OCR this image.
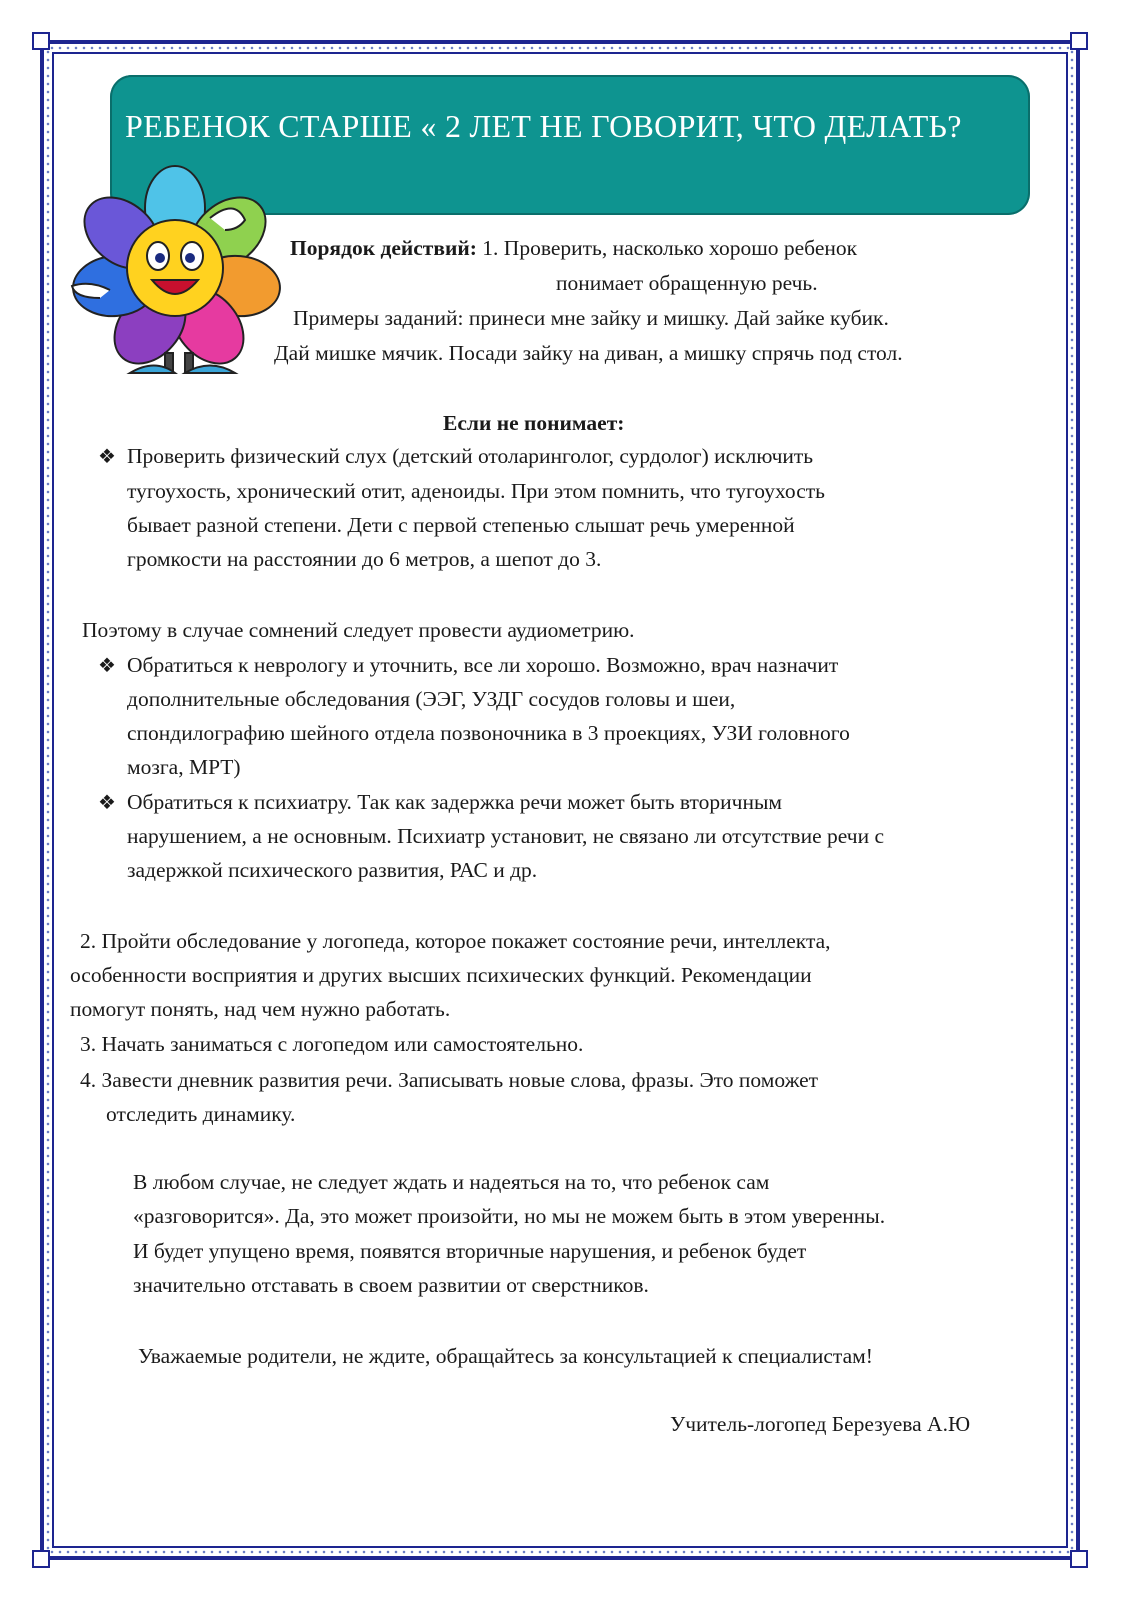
РЕБЕНОК СТАРШЕ « 2 ЛЕТ НЕ ГОВОРИТ, ЧТО ДЕЛАТЬ?
Порядок действий: 1. Проверить, насколько хорошо ребенок
понимает обращенную речь.
Примеры заданий: принеси мне зайку и мишку. Дай зайке кубик.
Дай мишке мячик. Посади зайку на диван, а мишку спрячь под стол.
Если не понимает:
❖ Проверить физический слух (детский отоларинголог, сурдолог) исключить
тугоухость, хронический отит, аденоиды. При этом помнить, что тугоухость
бывает разной степени. Дети с первой степенью слышат речь умеренной
громкости на расстоянии до 6 метров, а шепот до 3.
Поэтому в случае сомнений следует провести аудиометрию.
❖ Обратиться к неврологу и уточнить, все ли хорошо. Возможно, врач назначит
дополнительные обследования (ЭЭГ, УЗДГ сосудов головы и шеи,
спондилографию шейного отдела позвоночника в 3 проекциях, УЗИ головного
мозга, МРТ)
❖ Обратиться к психиатру. Так как задержка речи может быть вторичным
нарушением, а не основным. Психиатр установит, не связано ли отсутствие речи с
задержкой психического развития, РАС и др.
2. Пройти обследование у логопеда, которое покажет состояние речи, интеллекта,
особенности восприятия и других высших психических функций. Рекомендации
помогут понять, над чем нужно работать.
3. Начать заниматься с логопедом или самостоятельно.
4. Завести дневник развития речи. Записывать новые слова, фразы. Это поможет
отследить динамику.
В любом случае, не следует ждать и надеяться на то, что ребенок сам
«разговорится». Да, это может произойти, но мы не можем быть в этом уверенны.
И будет упущено время, появятся вторичные нарушения, и ребенок будет
значительно отставать в своем развитии от сверстников.
Уважаемые родители, не ждите, обращайтесь за консультацией к специалистам!
Учитель-логопед Березуева А.Ю
